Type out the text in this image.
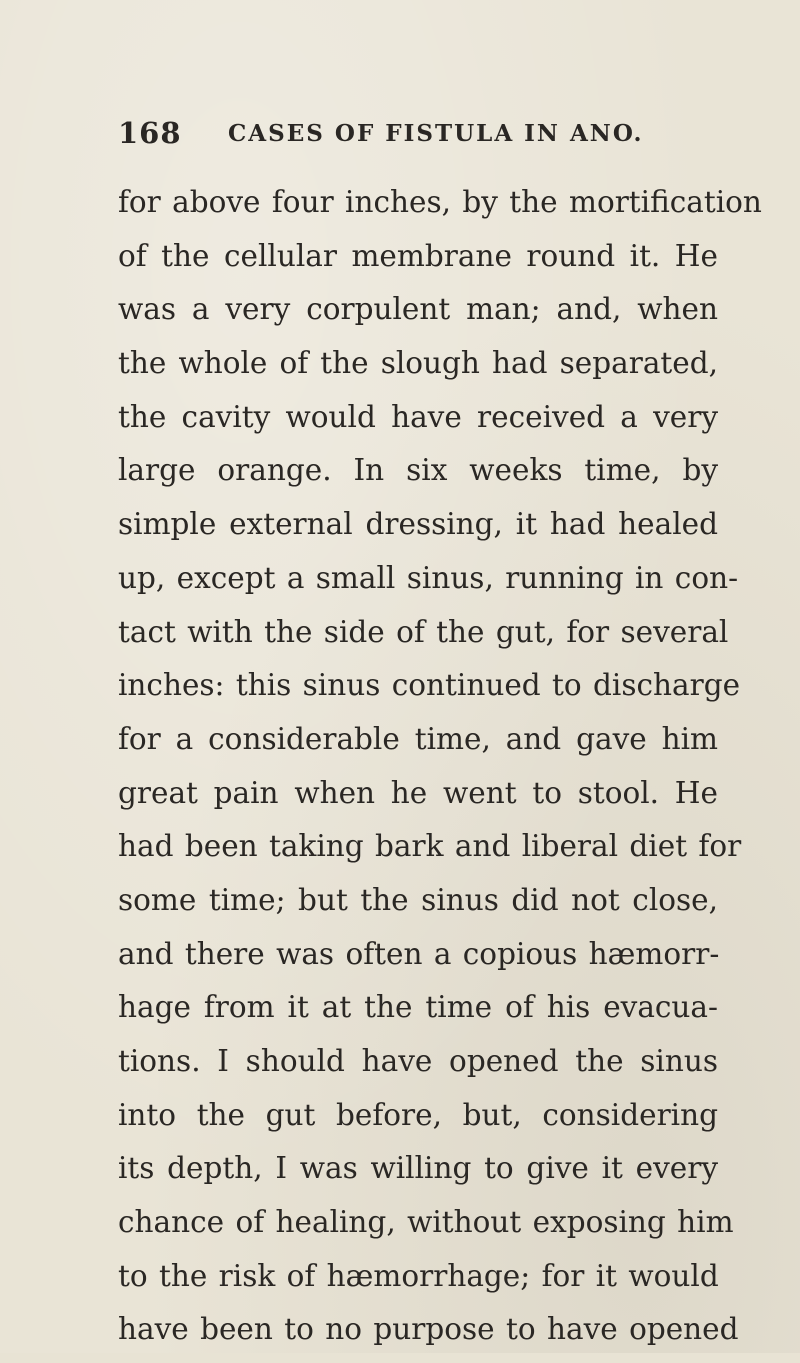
168 CASES OF FISTULA IN ANO.
for above four inches, by the mortification
of the cellular membrane round it. He
was a very corpulent man; and, when
the whole of the slough had separated,
the cavity would have received a very
large orange. In six weeks time, by
simple external dressing, it had healed
up, except a small sinus, running in con-
tact with the side of the gut, for several
inches: this sinus continued to discharge
for a considerable time, and gave him
great pain when he went to stool. He
had been taking bark and liberal diet for
some time; but the sinus did not close,
and there was often a copious hæmorr-
hage from it at the time of his evacua-
tions. I should have opened the sinus
into the gut before, but, considering
its depth, I was willing to give it every
chance of healing, without exposing him
to the risk of hæmorrhage; for it would
have been to no purpose to have opened
